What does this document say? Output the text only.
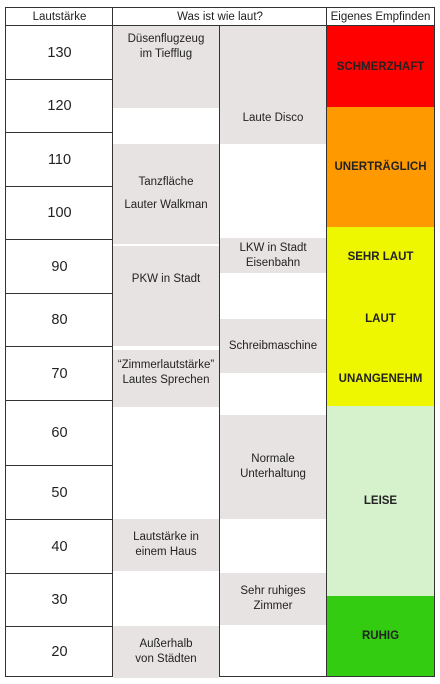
Lautstärke	Was ist wie laut?	Eigenes Empfinden
130
120
110
100
90
80
70
60
50
40
30
20
Düsenflugzeug
im Tiefflug
Tanzfläche
Lauter Walkman
PKW in Stadt
“Zimmerlautstärke”
Lautes Sprechen
Lautstärke in
einem Haus
Außerhalb
von Städten
Laute Disco
LKW in Stadt
Eisenbahn
Schreibmaschine
Normale
Unterhaltung
Sehr ruhiges
Zimmer
SCHMERZHAFT
UNERTRÄGLICH
SEHR LAUT
LAUT
UNANGENEHM
LEISE
RUHIG
